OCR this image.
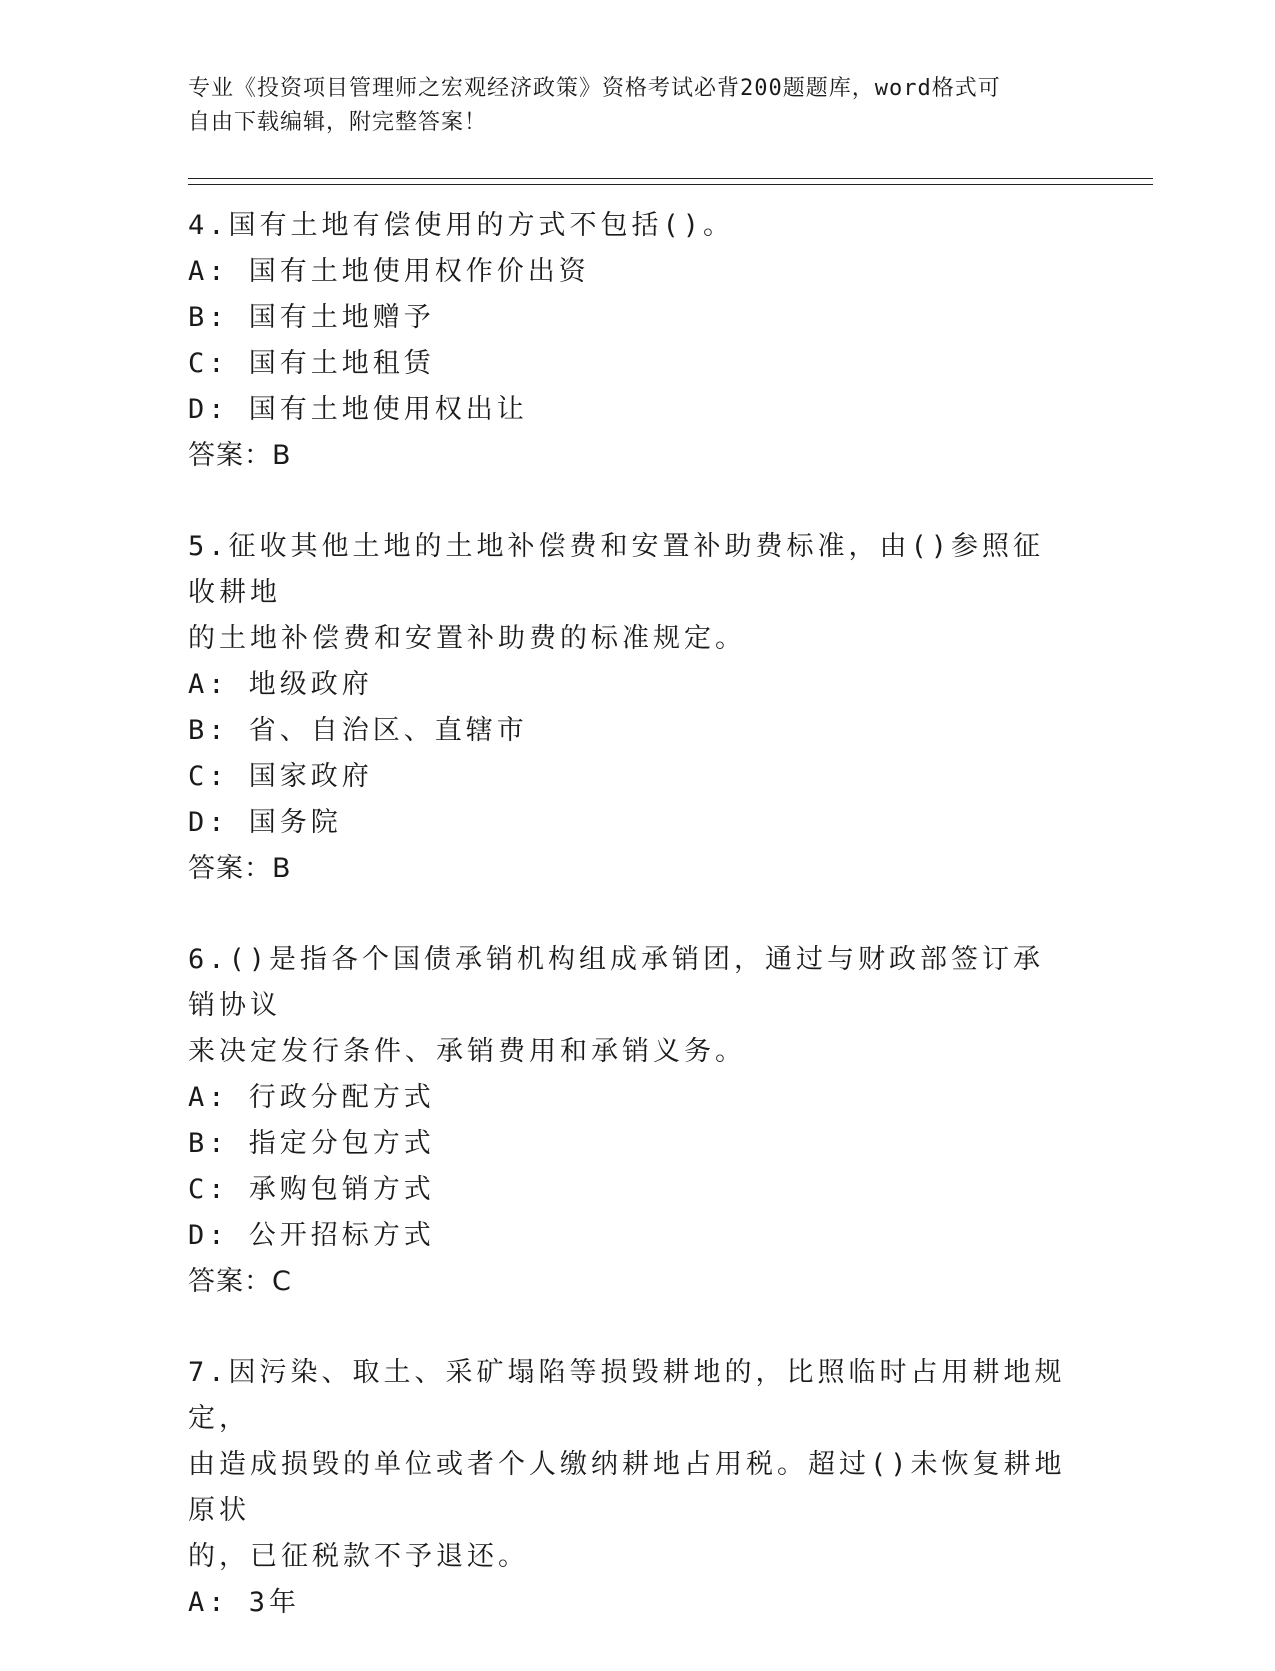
专业《投资项目管理师之宏观经济政策》资格考试必背200题题库，word格式可
自由下载编辑，附完整答案！

4.国有土地有偿使用的方式不包括()。

A: 国有土地使用权作价出资

B: 国有土地赠予

C: 国有土地租赁

D: 国有土地使用权出让

答案：B

5.征收其他土地的土地补偿费和安置补助费标准，由()参照征收耕地

的土地补偿费和安置补助费的标准规定。

A: 地级政府

B: 省、自治区、直辖市

C: 国家政府

D: 国务院

答案：B

6.()是指各个国债承销机构组成承销团，通过与财政部签订承销协议

来决定发行条件、承销费用和承销义务。

A: 行政分配方式

B: 指定分包方式

C: 承购包销方式

D: 公开招标方式

答案：C

7.因污染、取土、采矿塌陷等损毁耕地的，比照临时占用耕地规定，

由造成损毁的单位或者个人缴纳耕地占用税。超过()未恢复耕地原状

的，已征税款不予退还。

A: 3年
